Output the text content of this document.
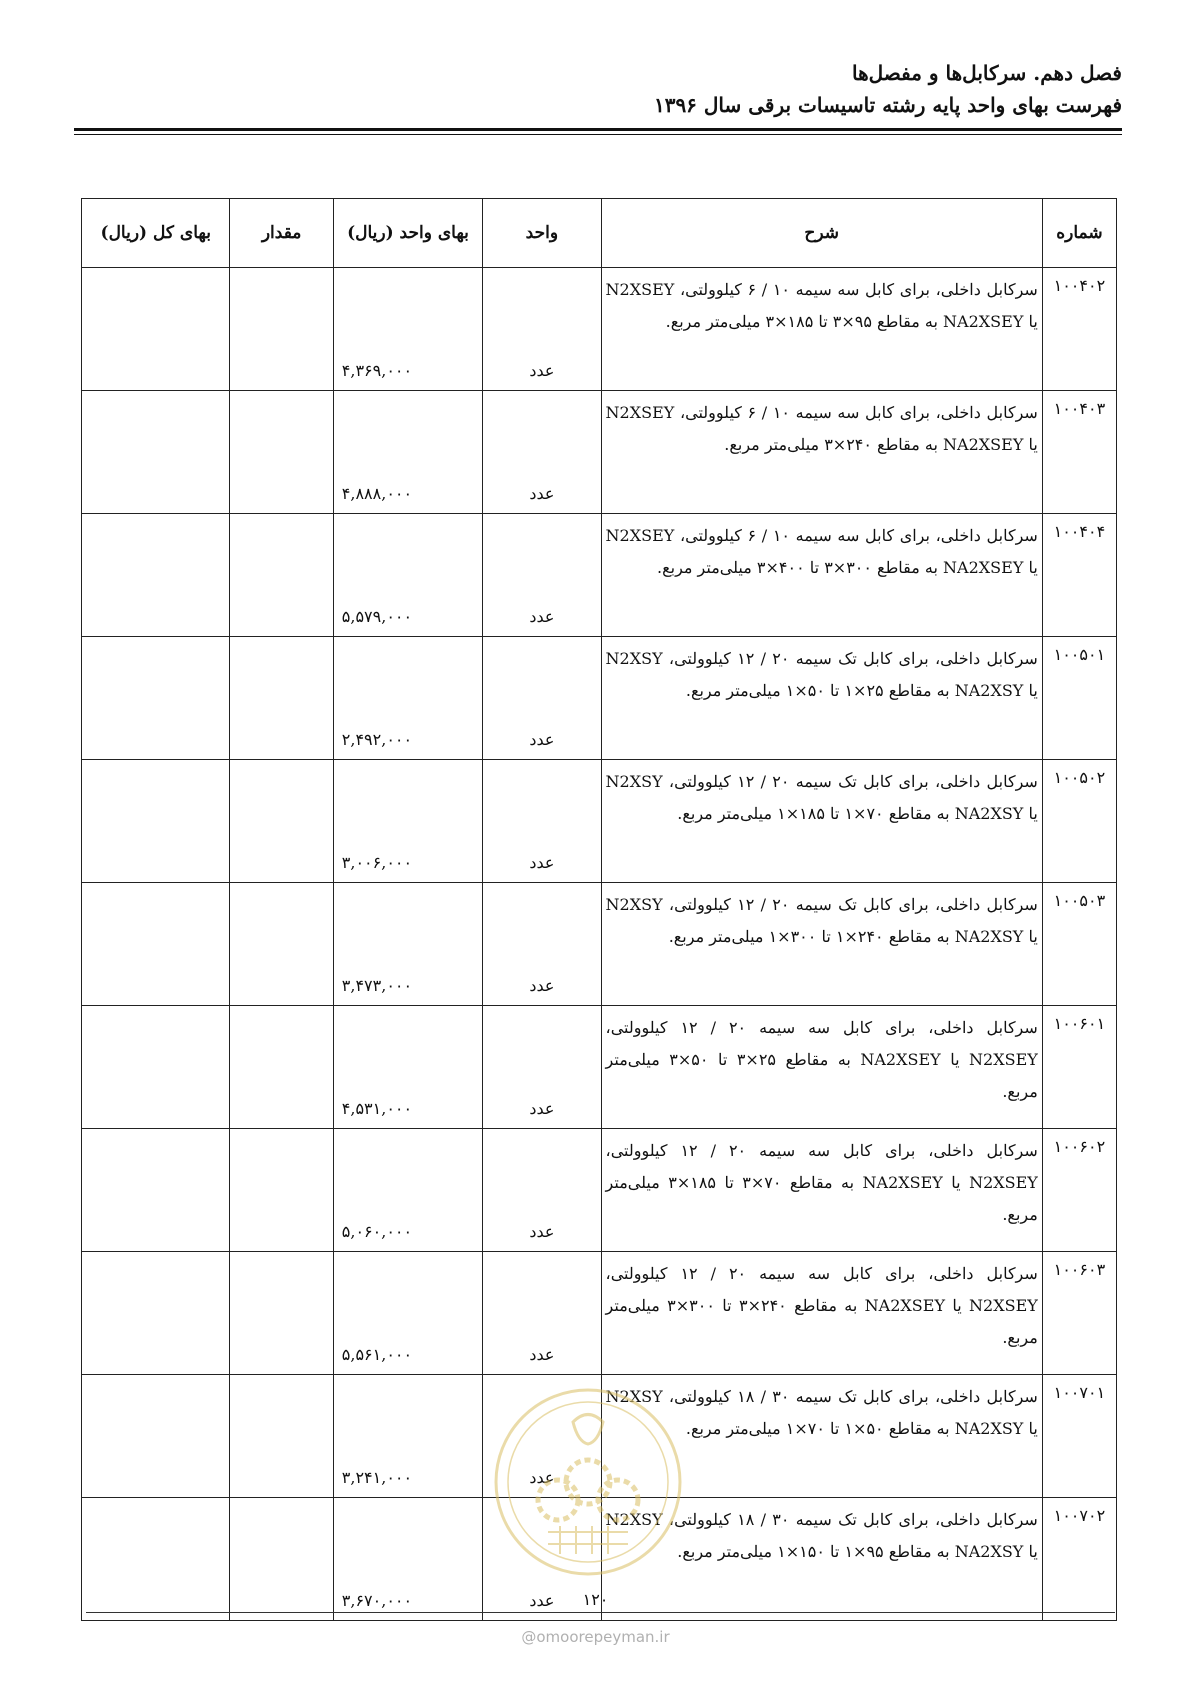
فصل دهم. سرکابل‌ها و مفصل‌ها
فهرست بهای واحد پایه رشته تاسیسات برقی سال ۱۳۹۶
شماره	شرح	واحد	بهای واحد (ریال)	مقدار	بهای کل (ریال)
۱۰۰۴۰۲	سرکابل داخلی، برای کابل سه سیمه ۱۰ / ۶ کیلوولتی، N2XSEY یا NA2XSEY به مقاطع ۹۵×۳ تا ۱۸۵×۳ میلی‌متر مربع.	عدد	۴,۳۶۹,۰۰۰		
۱۰۰۴۰۳	سرکابل داخلی، برای کابل سه سیمه ۱۰ / ۶ کیلوولتی، N2XSEY یا NA2XSEY به مقاطع ۲۴۰×۳ میلی‌متر مربع.	عدد	۴,۸۸۸,۰۰۰		
۱۰۰۴۰۴	سرکابل داخلی، برای کابل سه سیمه ۱۰ / ۶ کیلوولتی، N2XSEY یا NA2XSEY به مقاطع ۳۰۰×۳ تا ۴۰۰×۳ میلی‌متر مربع.	عدد	۵,۵۷۹,۰۰۰		
۱۰۰۵۰۱	سرکابل داخلی، برای کابل تک سیمه ۲۰ / ۱۲ کیلوولتی، N2XSY یا NA2XSY به مقاطع ۲۵×۱ تا ۵۰×۱ میلی‌متر مربع.	عدد	۲,۴۹۲,۰۰۰		
۱۰۰۵۰۲	سرکابل داخلی، برای کابل تک سیمه ۲۰ / ۱۲ کیلوولتی، N2XSY یا NA2XSY به مقاطع ۷۰×۱ تا ۱۸۵×۱ میلی‌متر مربع.	عدد	۳,۰۰۶,۰۰۰		
۱۰۰۵۰۳	سرکابل داخلی، برای کابل تک سیمه ۲۰ / ۱۲ کیلوولتی، N2XSY یا NA2XSY به مقاطع ۲۴۰×۱ تا ۳۰۰×۱ میلی‌متر مربع.	عدد	۳,۴۷۳,۰۰۰		
۱۰۰۶۰۱	سرکابل داخلی، برای کابل سه سیمه ۲۰ / ۱۲ کیلوولتی، N2XSEY یا NA2XSEY به مقاطع ۲۵×۳ تا ۵۰×۳ میلی‌متر مربع.	عدد	۴,۵۳۱,۰۰۰		
۱۰۰۶۰۲	سرکابل داخلی، برای کابل سه سیمه ۲۰ / ۱۲ کیلوولتی، N2XSEY یا NA2XSEY به مقاطع ۷۰×۳ تا ۱۸۵×۳ میلی‌متر مربع.	عدد	۵,۰۶۰,۰۰۰		
۱۰۰۶۰۳	سرکابل داخلی، برای کابل سه سیمه ۲۰ / ۱۲ کیلوولتی، N2XSEY یا NA2XSEY به مقاطع ۲۴۰×۳ تا ۳۰۰×۳ میلی‌متر مربع.	عدد	۵,۵۶۱,۰۰۰		
۱۰۰۷۰۱	سرکابل داخلی، برای کابل تک سیمه ۳۰ / ۱۸ کیلوولتی، N2XSY یا NA2XSY به مقاطع ۵۰×۱ تا ۷۰×۱ میلی‌متر مربع.	عدد	۳,۲۴۱,۰۰۰		
۱۰۰۷۰۲	سرکابل داخلی، برای کابل تک سیمه ۳۰ / ۱۸ کیلوولتی، N2XSY یا NA2XSY به مقاطع ۹۵×۱ تا ۱۵۰×۱ میلی‌متر مربع.	عدد	۳,۶۷۰,۰۰۰			۱۲۰
@omoorepeyman.ir
